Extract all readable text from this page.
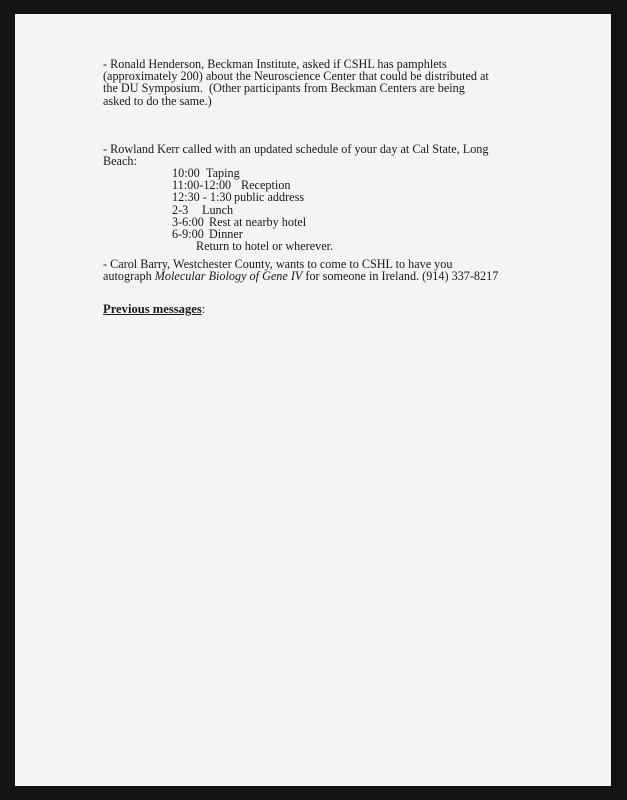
- Ronald Henderson, Beckman Institute, asked if CSHL has pamphlets
(approximately 200) about the Neuroscience Center that could be distributed at
the DU Symposium.  (Other participants from Beckman Centers are being
asked to do the same.)
- Rowland Kerr called with an updated schedule of your day at Cal State, Long
Beach:
10:00 Taping
11:00-12:00 Reception
12:30 - 1:30 public address
2-3 Lunch
3-6:00 Rest at nearby hotel
6-9:00 Dinner
Return to hotel or wherever.
- Carol Barry, Westchester County, wants to come to CSHL to have you
autograph Molecular Biology of Gene IV for someone in Ireland. (914) 337-8217
Previous messages:
